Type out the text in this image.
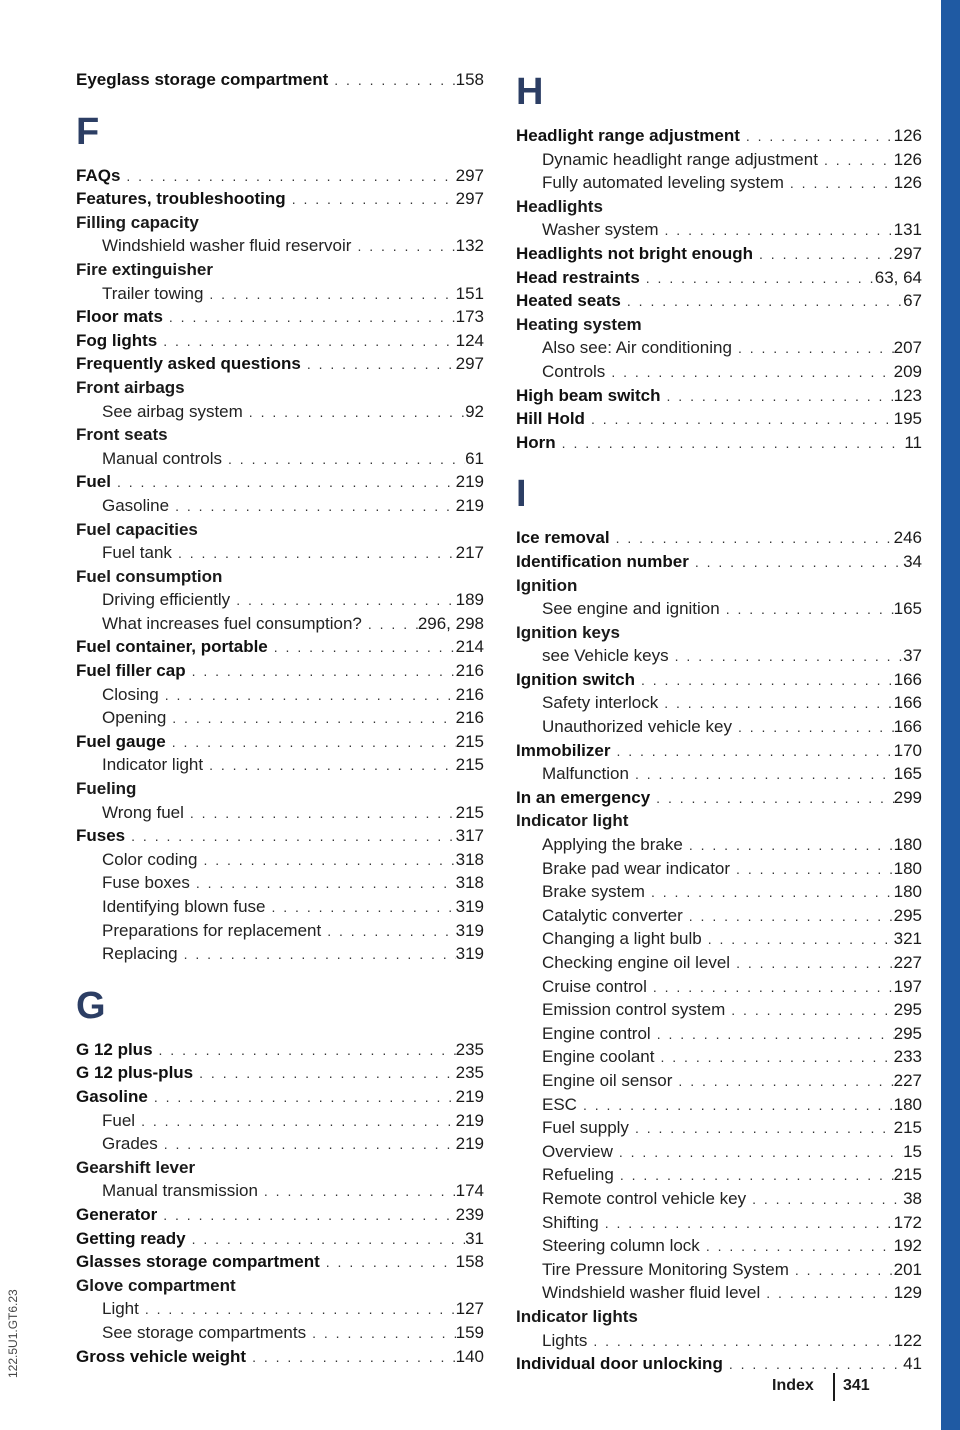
Eyeglass storage compartment . . .	158
F
FAQs . . .	297
Features, troubleshooting . . .	297
Filling capacity
Windshield washer fluid reservoir . . .	132
Fire extinguisher
Trailer towing . . .	151
Floor mats . . .	173
Fog lights . . .	124
Frequently asked questions . . .	297
Front airbags
See airbag system . . .	92
Front seats
Manual controls . . .	61
Fuel . . .	219
Gasoline . . .	219
Fuel capacities
Fuel tank . . .	217
Fuel consumption
Driving efficiently . . .	189
What increases fuel consumption? . . .	296, 298
Fuel container, portable . . .	214
Fuel filler cap . . .	216
Closing . . .	216
Opening . . .	216
Fuel gauge . . .	215
Indicator light . . .	215
Fueling
Wrong fuel . . .	215
Fuses . . .	317
Color coding . . .	318
Fuse boxes . . .	318
Identifying blown fuse . . .	319
Preparations for replacement . . .	319
Replacing . . .	319
G
G 12 plus . . .	235
G 12 plus-plus . . .	235
Gasoline . . .	219
Fuel . . .	219
Grades . . .	219
Gearshift lever
Manual transmission . . .	174
Generator . . .	239
Getting ready . . .	31
Glasses storage compartment . . .	158
Glove compartment
Light . . .	127
See storage compartments . . .	159
Gross vehicle weight . . .	140
H
Headlight range adjustment . . .	126
Dynamic headlight range adjustment . . .	126
Fully automated leveling system . . .	126
Headlights
Washer system . . .	131
Headlights not bright enough . . .	297
Head restraints . . .	63, 64
Heated seats . . .	67
Heating system
Also see: Air conditioning . . .	207
Controls . . .	209
High beam switch . . .	123
Hill Hold . . .	195
Horn . . .	11
I
Ice removal . . .	246
Identification number . . .	34
Ignition
See engine and ignition . . .	165
Ignition keys
see Vehicle keys . . .	37
Ignition switch . . .	166
Safety interlock . . .	166
Unauthorized vehicle key . . .	166
Immobilizer . . .	170
Malfunction . . .	165
In an emergency . . .	299
Indicator light
Applying the brake . . .	180
Brake pad wear indicator . . .	180
Brake system . . .	180
Catalytic converter . . .	295
Changing a light bulb . . .	321
Checking engine oil level . . .	227
Cruise control . . .	197
Emission control system . . .	295
Engine control . . .	295
Engine coolant . . .	233
Engine oil sensor . . .	227
ESC . . .	180
Fuel supply . . .	215
Overview . . .	15
Refueling . . .	215
Remote control vehicle key . . .	38
Shifting . . .	172
Steering column lock . . .	192
Tire Pressure Monitoring System . . .	201
Windshield washer fluid level . . .	129
Indicator lights
Lights . . .	122
Individual door unlocking . . .	41
Index 341
122.5U1.GT6.23
